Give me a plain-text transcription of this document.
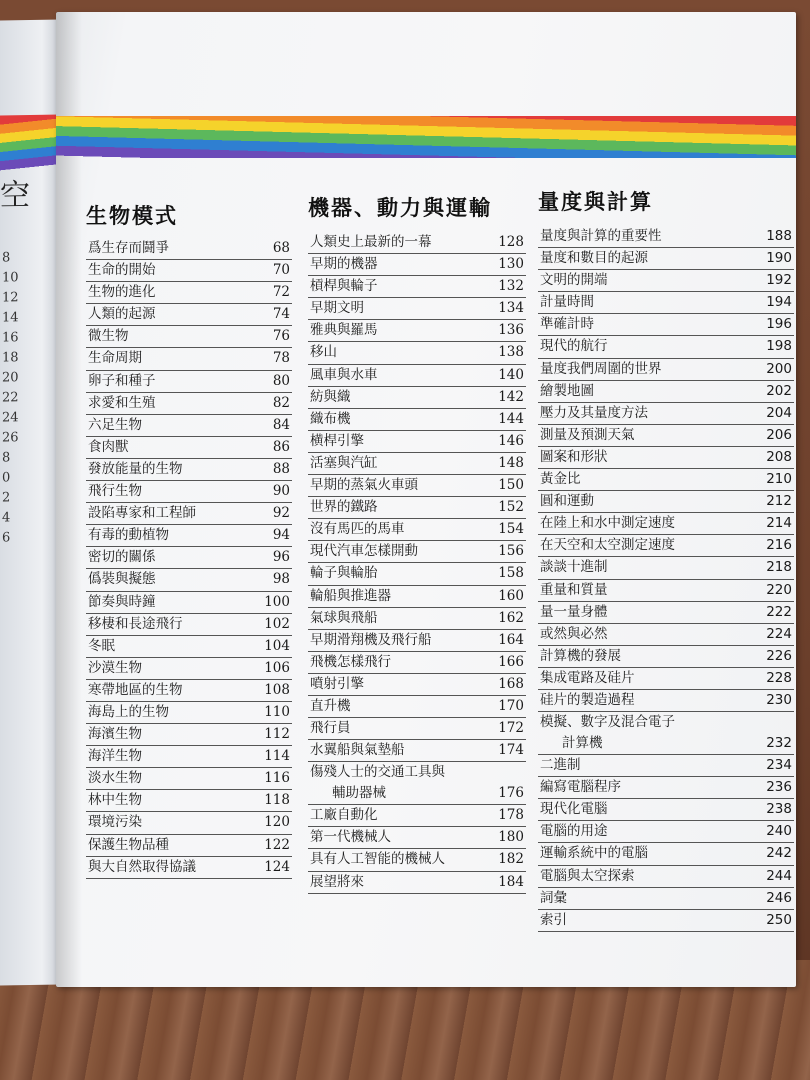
空
8
10
12
14
16
18
20
22
24
26
8
0
2
4
6
生物模式
爲生存而鬪爭	68
生命的開始	70
生物的進化	72
人類的起源	74
微生物	76
生命周期	78
卵子和種子	80
求愛和生殖	82
六足生物	84
食肉獸	86
發放能量的生物	88
飛行生物	90
設陷專家和工程師	92
有毒的動植物	94
密切的關係	96
僞裝與擬態	98
節奏與時鐘	100
移棲和長途飛行	102
冬眠	104
沙漠生物	106
寒帶地區的生物	108
海島上的生物	110
海濱生物	112
海洋生物	114
淡水生物	116
林中生物	118
環境污染	120
保護生物品種	122
與大自然取得協議	124
機器、動力與運輸
人類史上最新的一幕	128
早期的機器	130
槓桿與輪子	132
早期文明	134
雅典與羅馬	136
移山	138
風車與水車	140
紡與織	142
織布機	144
横桿引擎	146
活塞與汽缸	148
早期的蒸氣火車頭	150
世界的鐵路	152
沒有馬匹的馬車	154
現代汽車怎樣開動	156
輪子與輪胎	158
輪船與推進器	160
氣球與飛船	162
早期滑翔機及飛行船	164
飛機怎樣飛行	166
噴射引擎	168
直升機	170
飛行員	172
水翼船與氣墊船	174
傷殘人士的交通工具與
輔助器械	176
工廠自動化	178
第一代機械人	180
具有人工智能的機械人	182
展望將來	184
量度與計算
量度與計算的重要性	188
量度和數目的起源	190
文明的開端	192
計量時間	194
準確計時	196
現代的航行	198
量度我們周圍的世界	200
繪製地圖	202
壓力及其量度方法	204
測量及預測天氣	206
圖案和形狀	208
黃金比	210
圓和運動	212
在陸上和水中測定速度	214
在天空和太空測定速度	216
談談十進制	218
重量和質量	220
量一量身體	222
或然與必然	224
計算機的發展	226
集成電路及硅片	228
硅片的製造過程	230
模擬、數字及混合電子
計算機	232
二進制	234
編寫電腦程序	236
現代化電腦	238
電腦的用途	240
運輸系統中的電腦	242
電腦與太空探索	244
詞彙	246
索引	250
